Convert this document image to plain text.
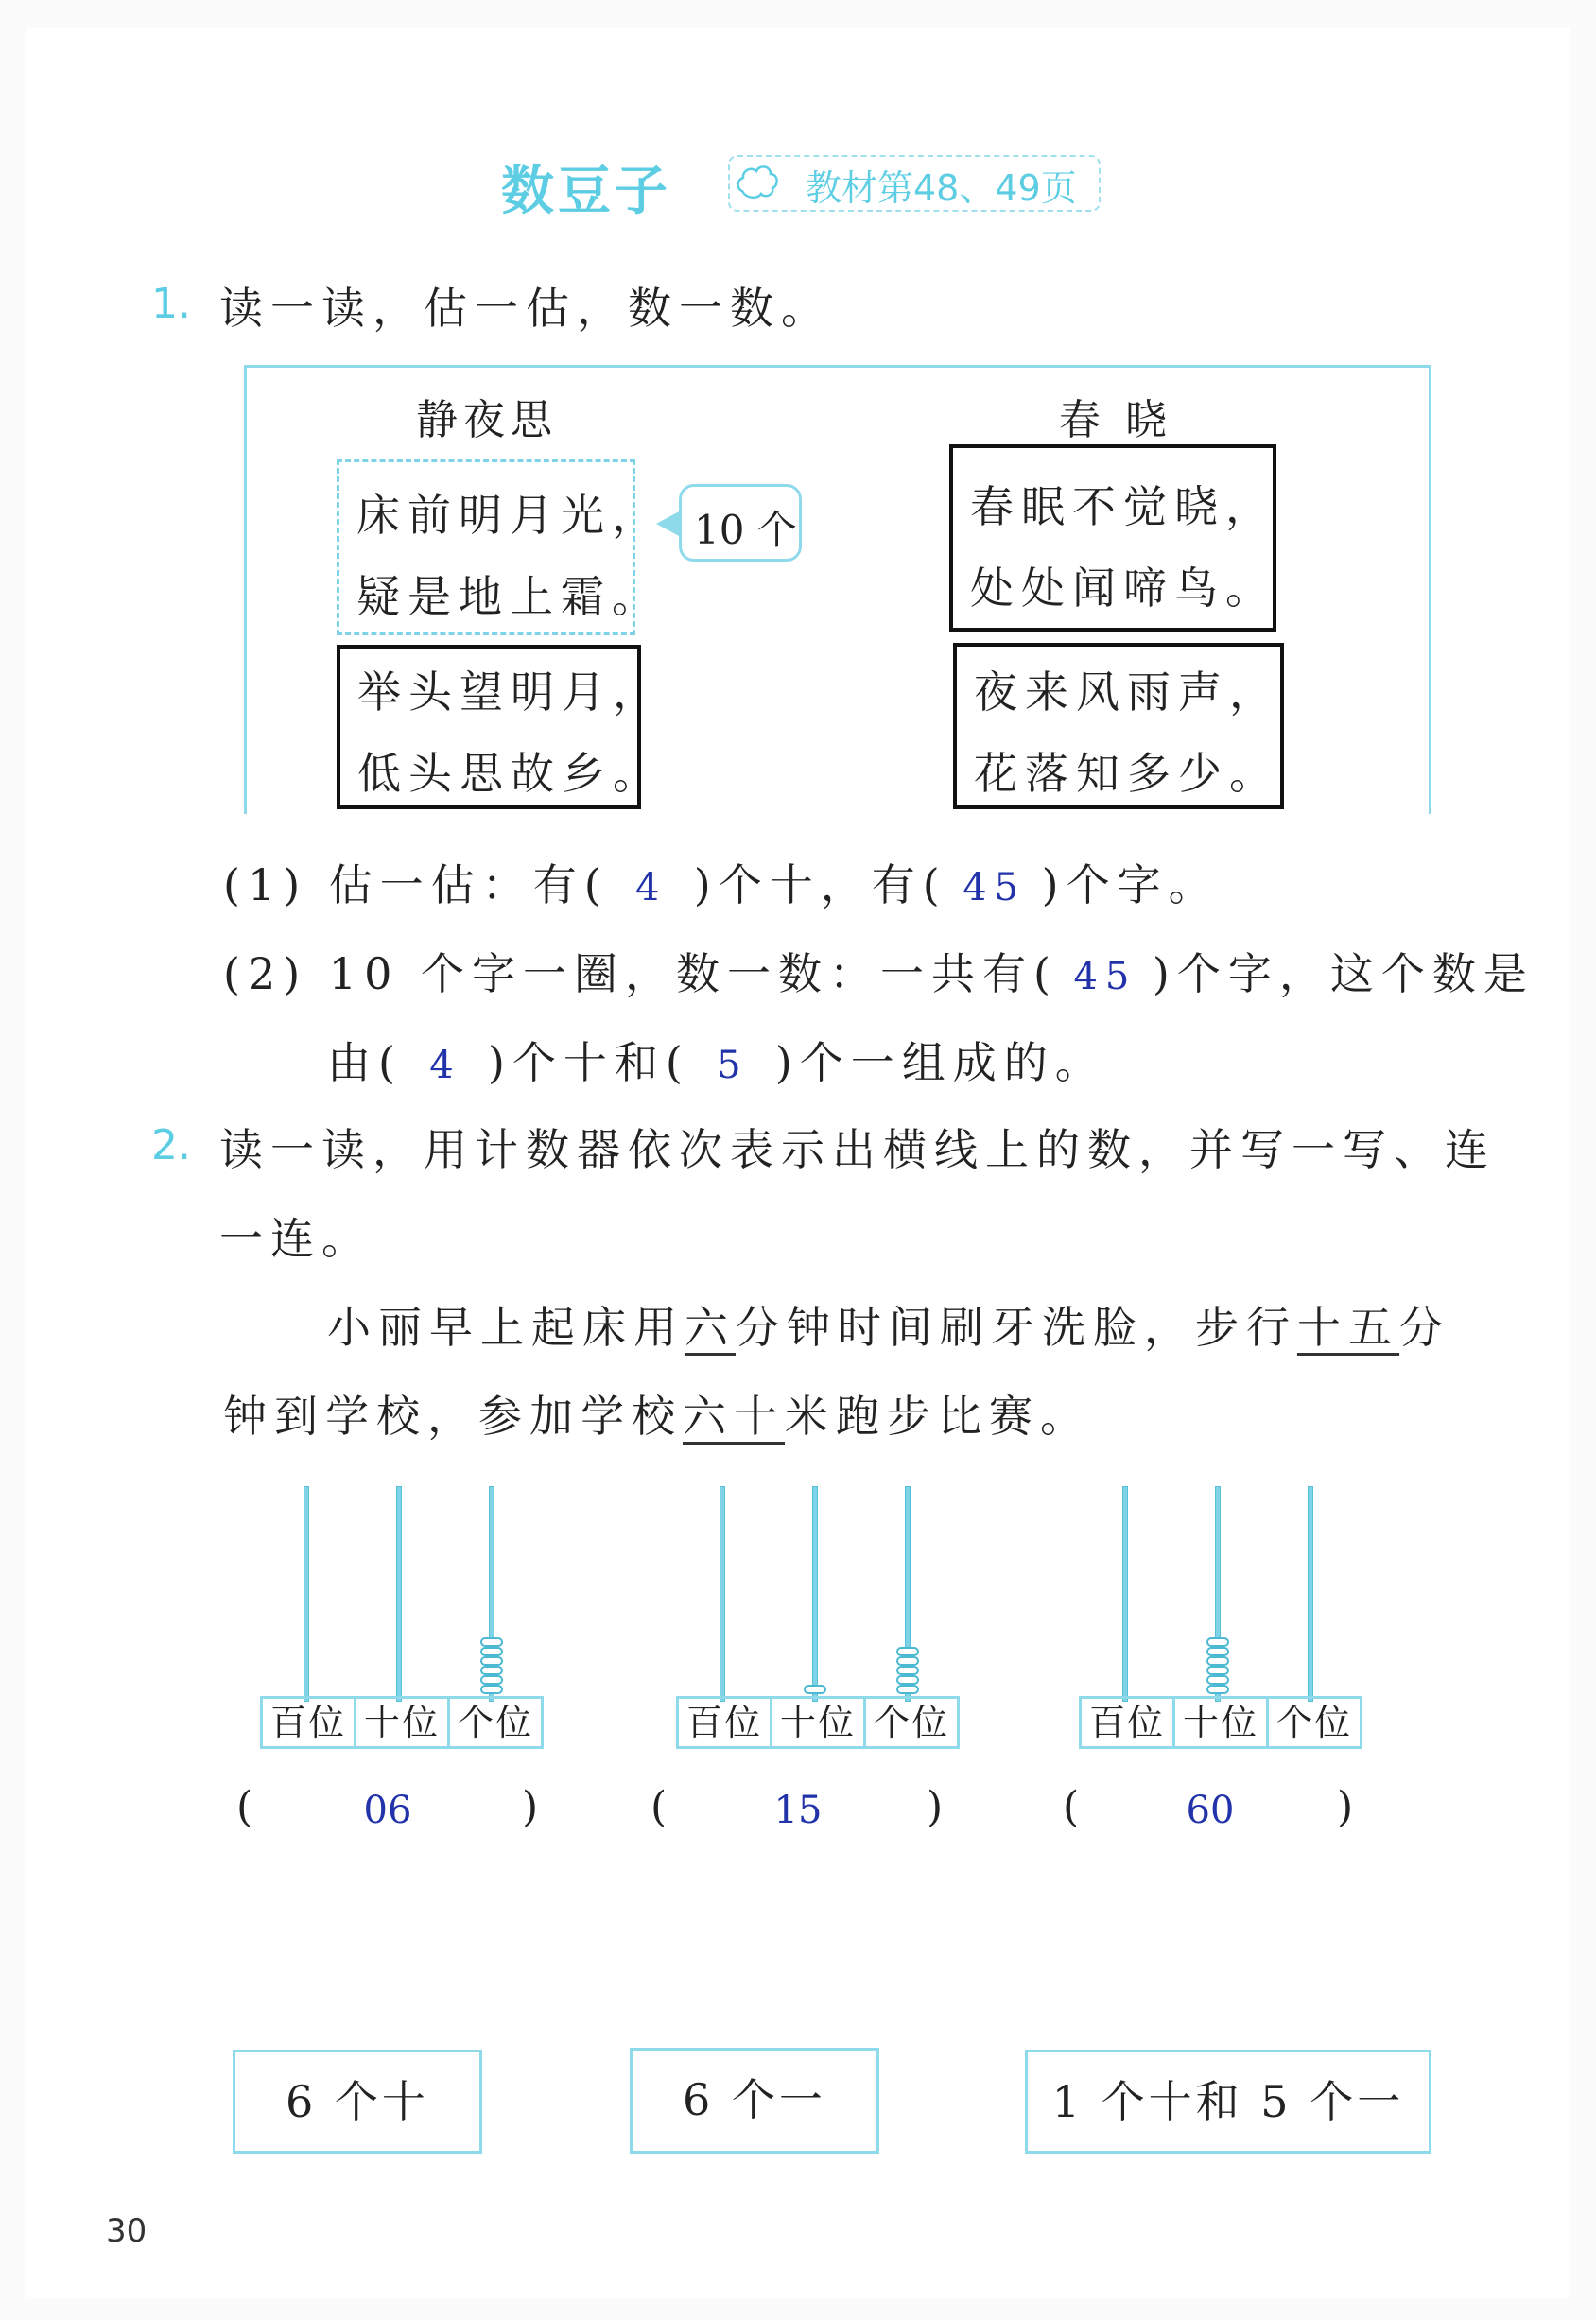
数豆子	教材第48、49页
1. 读一读，估一估，数一数。
静夜思	春 晓
床前明月光，
疑是地上霜。
举头望明月，
低头思故乡。
10 个	春眠不觉晓，
处处闻啼鸟。
夜来风雨声，
花落知多少。
(1) 估一估：有( 4 )个十，有( 45 )个字。
(2) 10 个字一圈，数一数：一共有( 45 )个字，这个数是
由( 4 )个十和( 5 )个一组成的。
2. 读一读，用计数器依次表示出横线上的数，并写一写、连
一连。
小丽早上起床用六分钟时间刷牙洗脸，步行十五分
钟到学校，参加学校六十米跑步比赛。
百位 十位 个位	百位 十位 个位	百位 十位 个位
(	06	)	(	15	)	(	60	)
6 个十	6 个一	1 个十和 5 个一
30
